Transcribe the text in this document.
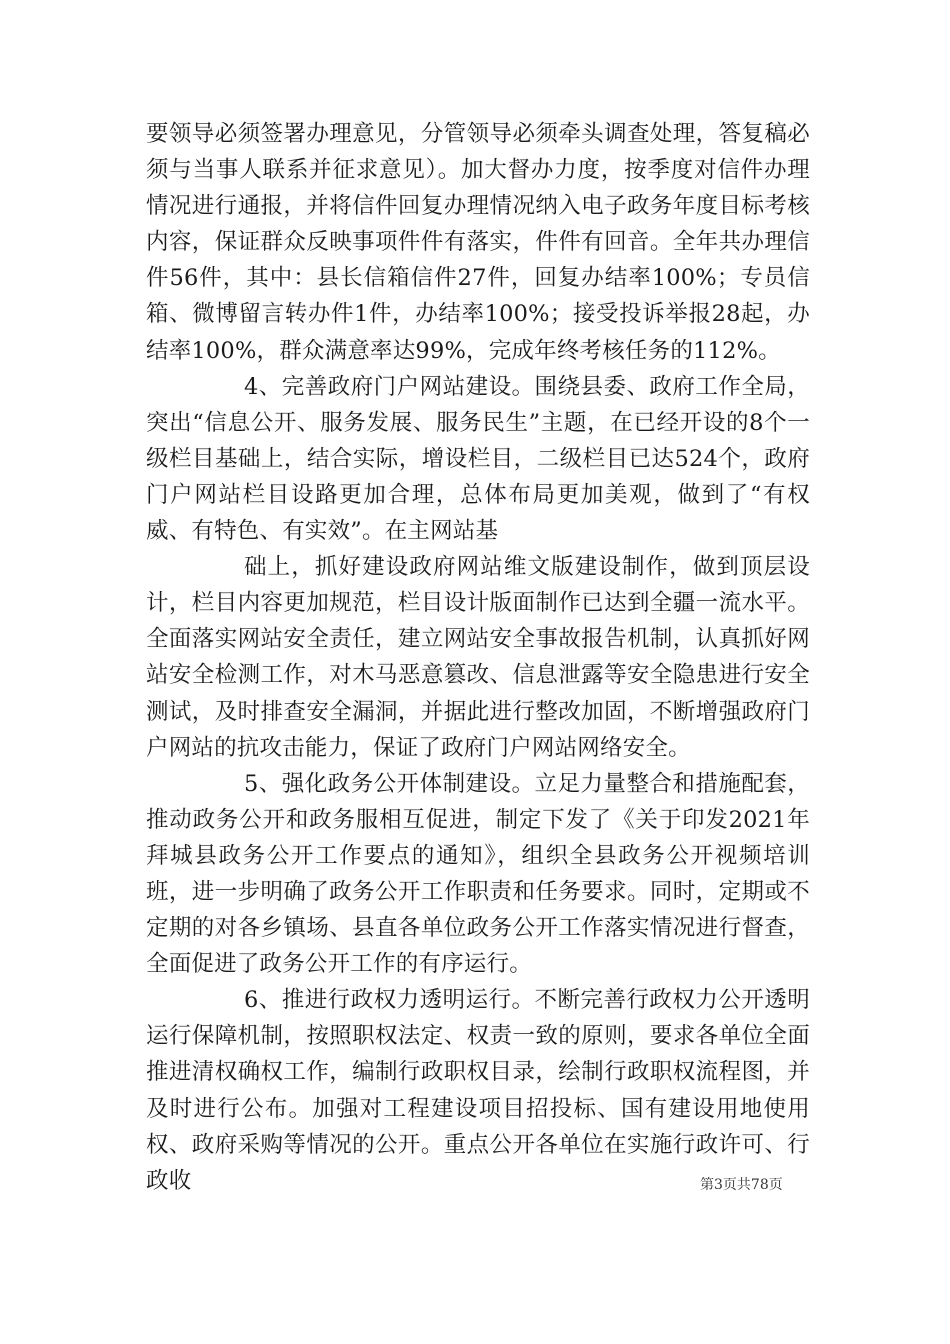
要领导必须签署办理意见，分管领导必须牵头调查处理，答复稿必须与当事人联系并征求意见）。加大督办力度，按季度对信件办理情况进行通报，并将信件回复办理情况纳入电子政务年度目标考核内容，保证群众反映事项件件有落实，件件有回音。全年共办理信件56件，其中：县长信箱信件27件，回复办结率100%；专员信箱、微博留言转办件1件，办结率100%；接受投诉举报28起，办结率100%，群众满意率达99%，完成年终考核任务的112%。

4、完善政府门户网站建设。围绕县委、政府工作全局，突出“信息公开、服务发展、服务民生”主题，在已经开设的8个一级栏目基础上，结合实际，增设栏目，二级栏目已达524个，政府门户网站栏目设路更加合理，总体布局更加美观，做到了“有权威、有特色、有实效”。在主网站基

础上，抓好建设政府网站维文版建设制作，做到顶层设计，栏目内容更加规范，栏目设计版面制作已达到全疆一流水平。全面落实网站安全责任，建立网站安全事故报告机制，认真抓好网站安全检测工作，对木马恶意篡改、信息泄露等安全隐患进行安全测试，及时排查安全漏洞，并据此进行整改加固，不断增强政府门户网站的抗攻击能力，保证了政府门户网站网络安全。

5、强化政务公开体制建设。立足力量整合和措施配套，推动政务公开和政务服相互促进，制定下发了《关于印发2021年拜城县政务公开工作要点的通知》，组织全县政务公开视频培训班，进一步明确了政务公开工作职责和任务要求。同时，定期或不定期的对各乡镇场、县直各单位政务公开工作落实情况进行督查，全面促进了政务公开工作的有序运行。

6、推进行政权力透明运行。不断完善行政权力公开透明运行保障机制，按照职权法定、权责一致的原则，要求各单位全面推进清权确权工作，编制行政职权目录，绘制行政职权流程图，并及时进行公布。加强对工程建设项目招投标、国有建设用地使用权、政府采购等情况的公开。重点公开各单位在实施行政许可、行政收	第3页共78页
